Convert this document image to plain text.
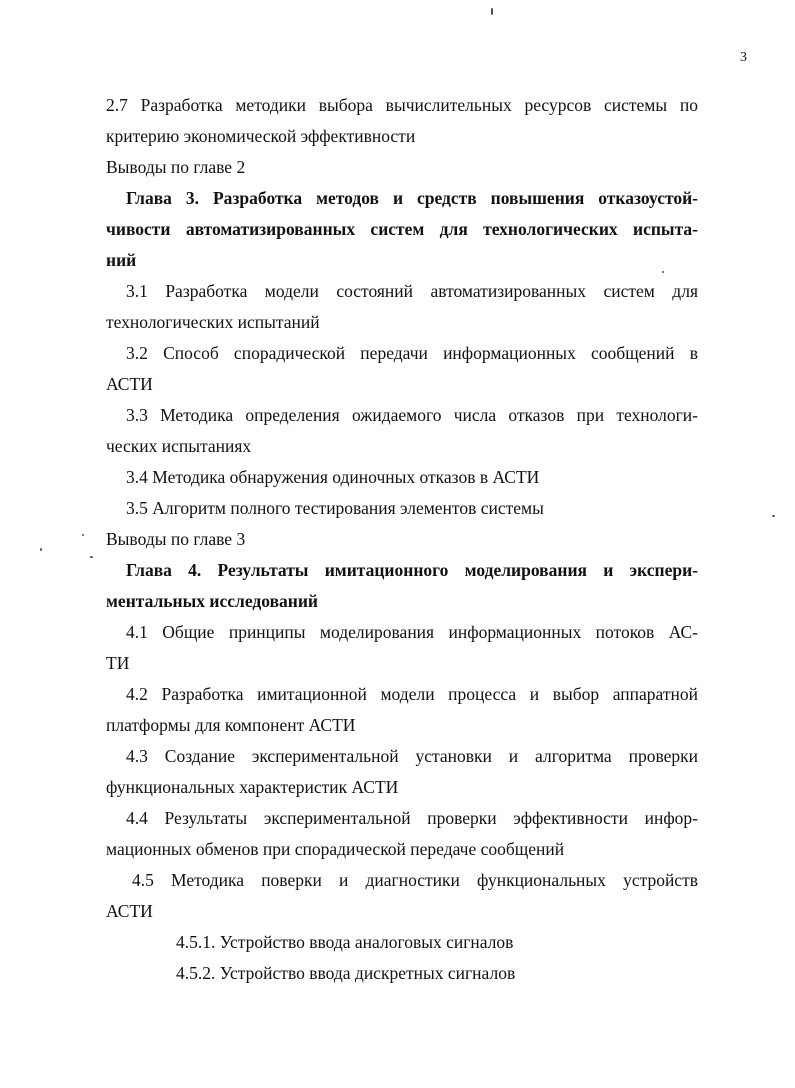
3
2.7 Разработка методики выбора вычислительных ресурсов системы по
критерию экономической эффективности
Выводы по главе 2
Глава 3. Разработка методов и средств повышения отказоустой-
чивости автоматизированных систем для технологических испыта-
ний
3.1 Разработка модели состояний автоматизированных систем для
технологических испытаний
3.2 Способ спорадической передачи информационных сообщений в
АСТИ
3.3 Методика определения ожидаемого числа отказов при технологи-
ческих испытаниях
3.4 Методика обнаружения одиночных отказов в АСТИ
3.5 Алгоритм полного тестирования элементов системы
Выводы по главе 3
Глава 4. Результаты имитационного моделирования и экспери-
ментальных исследований
4.1 Общие принципы моделирования информационных потоков АС-
ТИ
4.2 Разработка имитационной модели процесса и выбор аппаратной
платформы для компонент АСТИ
4.3 Создание экспериментальной установки и алгоритма проверки
функциональных характеристик АСТИ
4.4 Результаты экспериментальной проверки эффективности инфор-
мационных обменов при спорадической передаче сообщений
4.5 Методика поверки и диагностики функциональных устройств
АСТИ
4.5.1. Устройство ввода аналоговых сигналов
4.5.2. Устройство ввода дискретных сигналов
